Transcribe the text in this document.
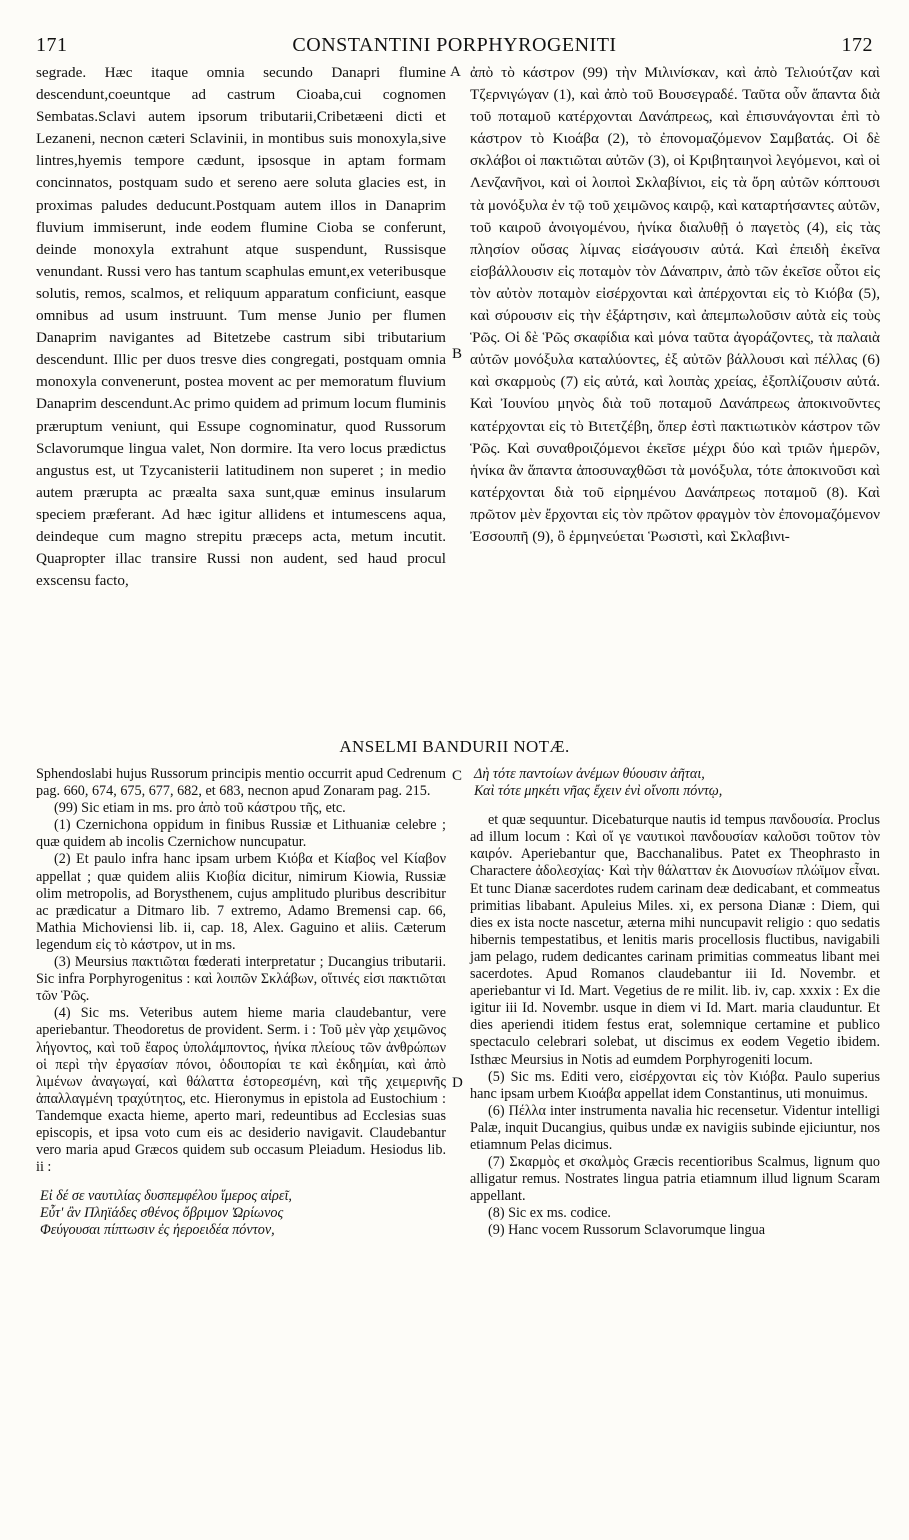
171	CONSTANTINI PORPHYROGENITI	172
segrade. Hæc itaque omnia secundo Danapri flumine descendunt,coeuntque ad castrum Cioaba,cui cognomen Sembatas.Sclavi autem ipsorum tributarii,Cribetæeni dicti et Lezaneni, necnon cæteri Sclavinii, in montibus suis monoxyla,sive lintres,hyemis tempore cædunt, ipsosque in aptam formam concinnatos, postquam sudo et sereno aere soluta glacies est, in proximas paludes deducunt.Postquam autem illos in Danaprim fluvium immiserunt, inde eodem flumine Cioba se conferunt, deinde monoxyla extrahunt atque suspendunt, Russisque venundant. Russi vero has tantum scaphulas emunt,ex veteribusque solutis, remos, scalmos, et reliquum apparatum conficiunt, easque omnibus ad usum instruunt. Tum mense Junio per flumen Danaprim navigantes ad Bitetzebe castrum sibi tributarium descendunt. Illic per duos tresve dies congregati, postquam omnia monoxyla convenerunt, postea movent ac per memoratum fluvium Danaprim descendunt.Ac primo quidem ad primum locum fluminis præruptum veniunt, qui Essupe cognominatur, quod Russorum Sclavorumque lingua valet, Non dormire. Ita vero locus prædictus angustus est, ut Tzycanisterii latitudinem non superet ; in medio autem prærupta ac præalta saxa sunt,quæ eminus insularum speciem præferant. Ad hæc igitur allidens et intumescens aqua, deindeque cum magno strepitu præceps acta, metum incutit. Quapropter illac transire Russi non audent, sed haud procul exscensu facto,
A
B
ἀπὸ τὸ κάστρον (99) τὴν Μιλινίσκαν, καὶ ἀπὸ Τελιούτζαν καὶ Τζερνιγώγαν (1), καὶ ἀπὸ τοῦ Βουσεγραδέ. Ταῦτα οὖν ἅπαντα διὰ τοῦ ποταμοῦ κατέρχονται Δανάπρεως, καὶ ἐπισυνάγονται ἐπὶ τὸ κάστρον τὸ Κιοάβα (2), τὸ ἐπονομαζόμενον Σαμβατάς. Οἱ δὲ σκλάβοι οἱ πακτιῶται αὐτῶν (3), οἱ Κριβηταιηνοὶ λεγόμενοι, καὶ οἱ Λενζανῆνοι, καὶ οἱ λοιποὶ Σκλαβίνιοι, εἰς τὰ ὄρη αὐτῶν κόπτουσι τὰ μονόξυλα ἐν τῷ τοῦ χειμῶνος καιρῷ, καὶ καταρτήσαντες αὐτῶν, τοῦ καιροῦ ἀνοιγομένου, ἡνίκα διαλυθῇ ὁ παγετὸς (4), εἰς τὰς πλησίον οὔσας λίμνας εἰσάγουσιν αὐτά. Καὶ ἐπειδὴ ἐκεῖνα εἰσβάλλουσιν εἰς ποταμὸν τὸν Δάναπριν, ἀπὸ τῶν ἐκεῖσε οὗτοι εἰς τὸν αὐτὸν ποταμὸν εἰσέρχονται καὶ ἀπέρχονται εἰς τὸ Κιόβα (5), καὶ σύρουσιν εἰς τὴν ἐξάρτησιν, καὶ ἀπεμπωλοῦσιν αὐτὰ εἰς τοὺς Ῥῶς. Οἱ δὲ Ῥῶς σκαφίδια καὶ μόνα ταῦτα ἀγοράζοντες, τὰ παλαιὰ αὐτῶν μονόξυλα καταλύοντες, ἐξ αὐτῶν βάλλουσι καὶ πέλλας (6) καὶ σκαρμοὺς (7) εἰς αὐτά, καὶ λοιπὰς χρείας, ἐξοπλίζουσιν αὐτά. Καὶ Ἰουνίου μηνὸς διὰ τοῦ ποταμοῦ Δανάπρεως ἀποκινοῦντες κατέρχονται εἰς τὸ Βιτετζέβη, ὅπερ ἐστὶ πακτιωτικὸν κάστρον τῶν Ῥῶς. Καὶ συναθροιζόμενοι ἐκεῖσε μέχρι δύο καὶ τριῶν ἡμερῶν, ἡνίκα ἂν ἅπαντα ἀποσυναχθῶσι τὰ μονόξυλα, τότε ἀποκινοῦσι καὶ κατέρχονται διὰ τοῦ εἰρημένου Δανάπρεως ποταμοῦ (8). Καὶ πρῶτον μὲν ἔρχονται εἰς τὸν πρῶτον φραγμὸν τὸν ἐπονομαζόμενον Ἐσσουπῆ (9), ὃ ἑρμηνεύεται Ῥωσιστὶ, καὶ Σκλαβινι-
ANSELMI BANDURII NOTÆ.
C
D

Sphendoslabi hujus Russorum principis mentio occurrit apud Cedrenum pag. 660, 674, 675, 677, 682, et 683, necnon apud Zonaram pag. 215.

(99) Sic etiam in ms. pro ἀπὸ τοῦ κάστρου τῆς, etc.

(1) Czernichona oppidum in finibus Russiæ et Lithuaniæ celebre ; quæ quidem ab incolis Czernichow nuncupatur.

(2) Et paulo infra hanc ipsam urbem Κιόβα et Κίαβος vel Κίαβον appellat ; quæ quidem aliis Κιοβία dicitur, nimirum Kiowia, Russiæ olim metropolis, ad Borysthenem, cujus amplitudo pluribus describitur ac prædicatur a Ditmaro lib. 7 extremo, Adamo Bremensi cap. 66, Mathia Michoviensi lib. ii, cap. 18, Alex. Gaguino et aliis. Cæterum legendum εἰς τὸ κάστρον, ut in ms.

(3) Meursius πακτιῶται fœderati interpretatur ; Ducangius tributarii. Sic infra Porphyrogenitus : καὶ λοιπῶν Σκλάβων, οἵτινές εἰσι πακτιῶται τῶν Ῥῶς.

(4) Sic ms. Veteribus autem hieme maria claudebantur, vere aperiebantur. Theodoretus de provident. Serm. i : Τοῦ μὲν γὰρ χειμῶνος λήγοντος, καὶ τοῦ ἔαρος ὑπολάμποντος, ἡνίκα πλείους τῶν ἀνθρώπων οἱ περὶ τὴν ἐργασίαν πόνοι, ὁδοιπορίαι τε καὶ ἐκδημίαι, καὶ ἀπὸ λιμένων ἀναγωγαί, καὶ θάλαττα ἐστορεσμένη, καὶ τῆς χειμερινῆς ἀπαλλαγμένη τραχύτητος, etc. Hieronymus in epistola ad Eustochium : Tandemque exacta hieme, aperto mari, redeuntibus ad Ecclesias suas episcopis, et ipsa voto cum eis ac desiderio navigavit. Claudebantur vero maria apud Græcos quidem sub occasum Pleiadum. Hesiodus lib. ii :

Εἰ δέ σε ναυτιλίας δυσπεμφέλου ἵμερος αἱρεῖ,

Εὖτ' ἂν Πληϊάδες σθένος ὄβριμον Ὠρίωνος

Φεύγουσαι πίπτωσιν ἐς ἠεροειδέα πόντον,

Δὴ τότε παντοίων ἀνέμων θύουσιν ἀῆται,

Καὶ τότε μηκέτι νῆας ἔχειν ἐνὶ οἴνοπι πόντῳ,

et quæ sequuntur. Dicebaturque nautis id tempus πανδουσία. Proclus ad illum locum : Καὶ οἵ γε ναυτικοὶ πανδουσίαν καλοῦσι τοῦτον τὸν καιρόν. Aperiebantur que, Bacchanalibus. Patet ex Theophrasto in Charactere ἀδολεσχίας· Καὶ τὴν θάλατταν ἐκ Διονυσίων πλώϊμον εἶναι. Et tunc Dianæ sacerdotes rudem carinam deæ dedicabant, et commeatus primitias libabant. Apuleius Miles. xi, ex persona Dianæ : Diem, qui dies ex ista nocte nascetur, æterna mihi nuncupavit religio : quo sedatis hibernis tempestatibus, et lenitis maris procellosis fluctibus, navigabili jam pelago, rudem dedicantes carinam primitias commeatus libant mei sacerdotes. Apud Romanos claudebantur iii Id. Novembr. et aperiebantur vi Id. Mart. Vegetius de re milit. lib. iv, cap. xxxix : Ex die igitur iii Id. Novembr. usque in diem vi Id. Mart. maria clauduntur. Et dies aperiendi itidem festus erat, solemnique certamine et publico spectaculo celebrari solebat, ut discimus ex eodem Vegetio ibidem. Isthæc Meursius in Notis ad eumdem Porphyrogeniti locum.

(5) Sic ms. Editi vero, εἰσέρχονται εἰς τὸν Κιόβα. Paulo superius hanc ipsam urbem Κιοάβα appellat idem Constantinus, uti monuimus.

(6) Πέλλα inter instrumenta navalia hic recensetur. Videntur intelligi Palæ, inquit Ducangius, quibus undæ ex navigiis subinde ejiciuntur, nos etiamnum Pelas dicimus.

(7) Σκαρμὸς et σκαλμὸς Græcis recentioribus Scalmus, lignum quo alligatur remus. Nostrates lingua patria etiamnum illud lignum Scaram appellant.

(8) Sic ex ms. codice.

(9) Hanc vocem Russorum Sclavorumque lingua
